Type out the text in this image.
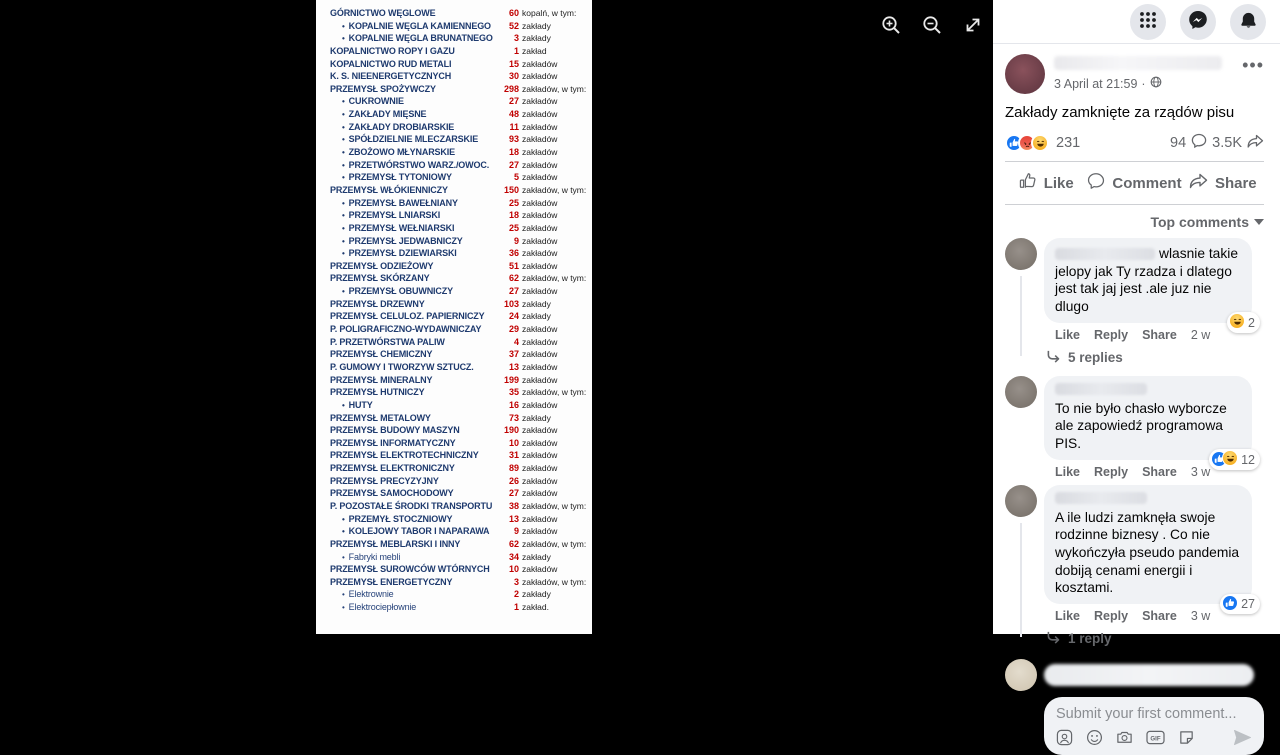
GÓRNICTWO WĘGLOWE	60 kopalń, w tym:
• KOPALNIE WĘGLA KAMIENNEGO	52 zakłady
• KOPALNIE WĘGLA BRUNATNEGO	3 zakłady
KOPALNICTWO ROPY I GAZU	1 zakład
KOPALNICTWO RUD METALI	15 zakładów
K. S. NIEENERGETYCZNYCH	30 zakładów
PRZEMYSŁ SPOŻYWCZY	298 zakładów, w tym:
• CUKROWNIE	27 zakładów
• ZAKŁADY MIĘSNE	48 zakładów
• ZAKŁADY DROBIARSKIE	11 zakładów
• SPÓŁDZIELNIE MLECZARSKIE	93 zakładów
• ZBOŻOWO MŁYNARSKIE	18 zakładów
• PRZETWÓRSTWO WARZ./OWOC.	27 zakładów
• PRZEMYSŁ TYTONIOWY	5 zakładów
PRZEMYSŁ WŁÓKIENNICZY	150 zakładów, w tym:
• PRZEMYSŁ BAWEŁNIANY	25 zakładów
• PRZEMYSŁ LNIARSKI	18 zakładów
• PRZEMYSŁ WEŁNIARSKI	25 zakładów
• PRZEMYSŁ JEDWABNICZY	9 zakładów
• PRZEMYSŁ DZIEWIARSKI	36 zakładów
PRZEMYSŁ ODZIEŻOWY	51 zakładów
PRZEMYSŁ SKÓRZANY	62 zakładów, w tym:
• PRZEMYSŁ OBUWNICZY	27 zakładów
PRZEMYSŁ DRZEWNY	103 zakłady
PRZEMYSŁ CELULOZ. PAPIERNICZY	24 zakłady
P. POLIGRAFICZNO-WYDAWNICZAY	29 zakładów
P. PRZETWÓRSTWA PALIW	4 zakładów
PRZEMYSŁ CHEMICZNY	37 zakładów
P. GUMOWY I TWORZYW SZTUCZ.	13 zakładów
PRZEMYSŁ MINERALNY	199 zakładów
PRZEMYSŁ HUTNICZY	35 zakładów, w tym:
• HUTY	16 zakładów
PRZEMYSŁ METALOWY	73 zakłady
PRZEMYSŁ BUDOWY MASZYN	190 zakładów
PRZEMYSŁ INFORMATYCZNY	10 zakładów
PRZEMYSŁ ELEKTROTECHNICZNY	31 zakładów
PRZEMYSŁ ELEKTRONICZNY	89 zakładów
PRZEMYSŁ PRECYZYJNY	26 zakładów
PRZEMYSŁ SAMOCHODOWY	27 zakładów
P. POZOSTAŁE ŚRODKI TRANSPORTU	38 zakładów, w tym:
• PRZEMYŁ STOCZNIOWY	13 zakładów
• KOLEJOWY TABOR I NAPARAWA	9 zakładów
PRZEMYSŁ MEBLARSKI I INNY	62 zakładów, w tym:
• Fabryki mebli	34 zakłady
PRZEMYSŁ SUROWCÓW WTÓRNYCH	10 zakładów
PRZEMYSŁ ENERGETYCZNY	3 zakładów, w tym:
• Elektrownie	2 zakłady
• Elektrociepłownie	1 zakład.
3 April at 21:59 ·
•••
Zakłady zamknięte za rządów pisu
231	94 3.5K
Like	Comment Share
Top comments
wlasnie takie jelopy jak Ty rzadza i dlatego jest tak jaj jest .ale juz nie dlugo
2
Like Reply Share 2 w
5 replies
To nie było chasło wyborcze ale zapowiedź programowa PIS.
12
Like Reply Share 3 w
A ile ludzi zamknęła swoje rodzinne biznesy . Co nie wykończyła pseudo pandemia dobiją cenami energii i kosztami.
27
Like Reply Share 3 w
1 reply
Submit your first comment...
GIF
